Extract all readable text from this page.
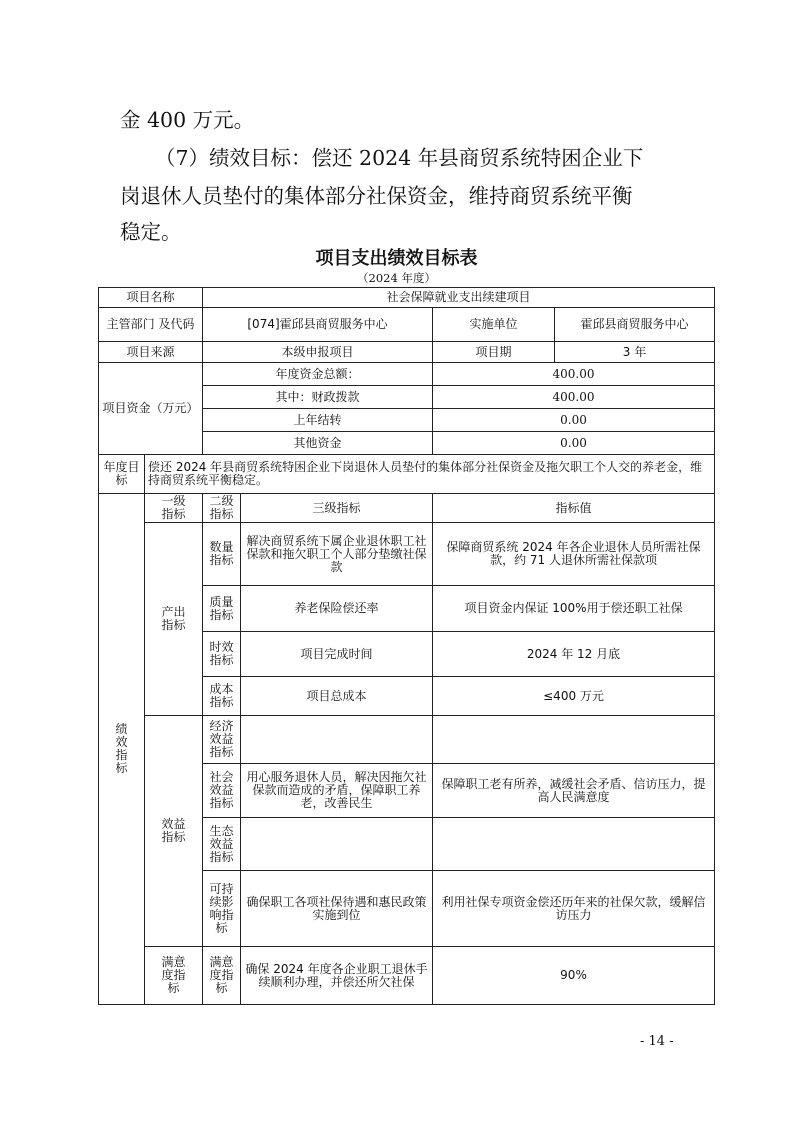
金 400 万元。

（7）绩效目标：偿还 2024 年县商贸系统特困企业下

岗退休人员垫付的集体部分社保资金，维持商贸系统平衡

稳定。

项目支出绩效目标表
（2024 年度）
项目名称		社会保障就业支出续建项目			
主管部门 及代码		[074]霍邱县商贸服务中心		实施单位	霍邱县商贸服务中心
项目来源		本级申报项目		项目期	3 年
项目资金（万元）		年度资金总额：		400.00	
		其中：财政拨款		400.00	
		上年结转		0.00	
		其他资金		0.00	
年度目标	偿还 2024 年县商贸系统特困企业下岗退休人员垫付的集体部分社保资金及拖欠职工个人交的养老金，维持商贸系统平衡稳定。				
绩效指标	一级指标	二级指标	三级指标	指标值	
	产出指标	数量指标	解决商贸系统下属企业退休职工社保款和拖欠职工个人部分垫缴社保款	保障商贸系统 2024 年各企业退休人员所需社保款，约 71 人退休所需社保款项	
		质量指标	养老保险偿还率	项目资金内保证 100%用于偿还职工社保	
		时效指标	项目完成时间	2024 年 12 月底	
		成本指标	项目总成本	≤400 万元	
	效益指标	经济效益指标			
		社会效益指标	用心服务退休人员，解决因拖欠社保款而造成的矛盾，保障职工养老，改善民生	保障职工老有所养，减缓社会矛盾、信访压力，提高人民满意度	
		生态效益指标			
		可持续影响指标	确保职工各项社保待遇和惠民政策实施到位	利用社保专项资金偿还历年来的社保欠款，缓解信访压力	
	满意度指标	满意度指标	确保 2024 年度各企业职工退休手续顺利办理，并偿还所欠社保	90%	
- 14 -
